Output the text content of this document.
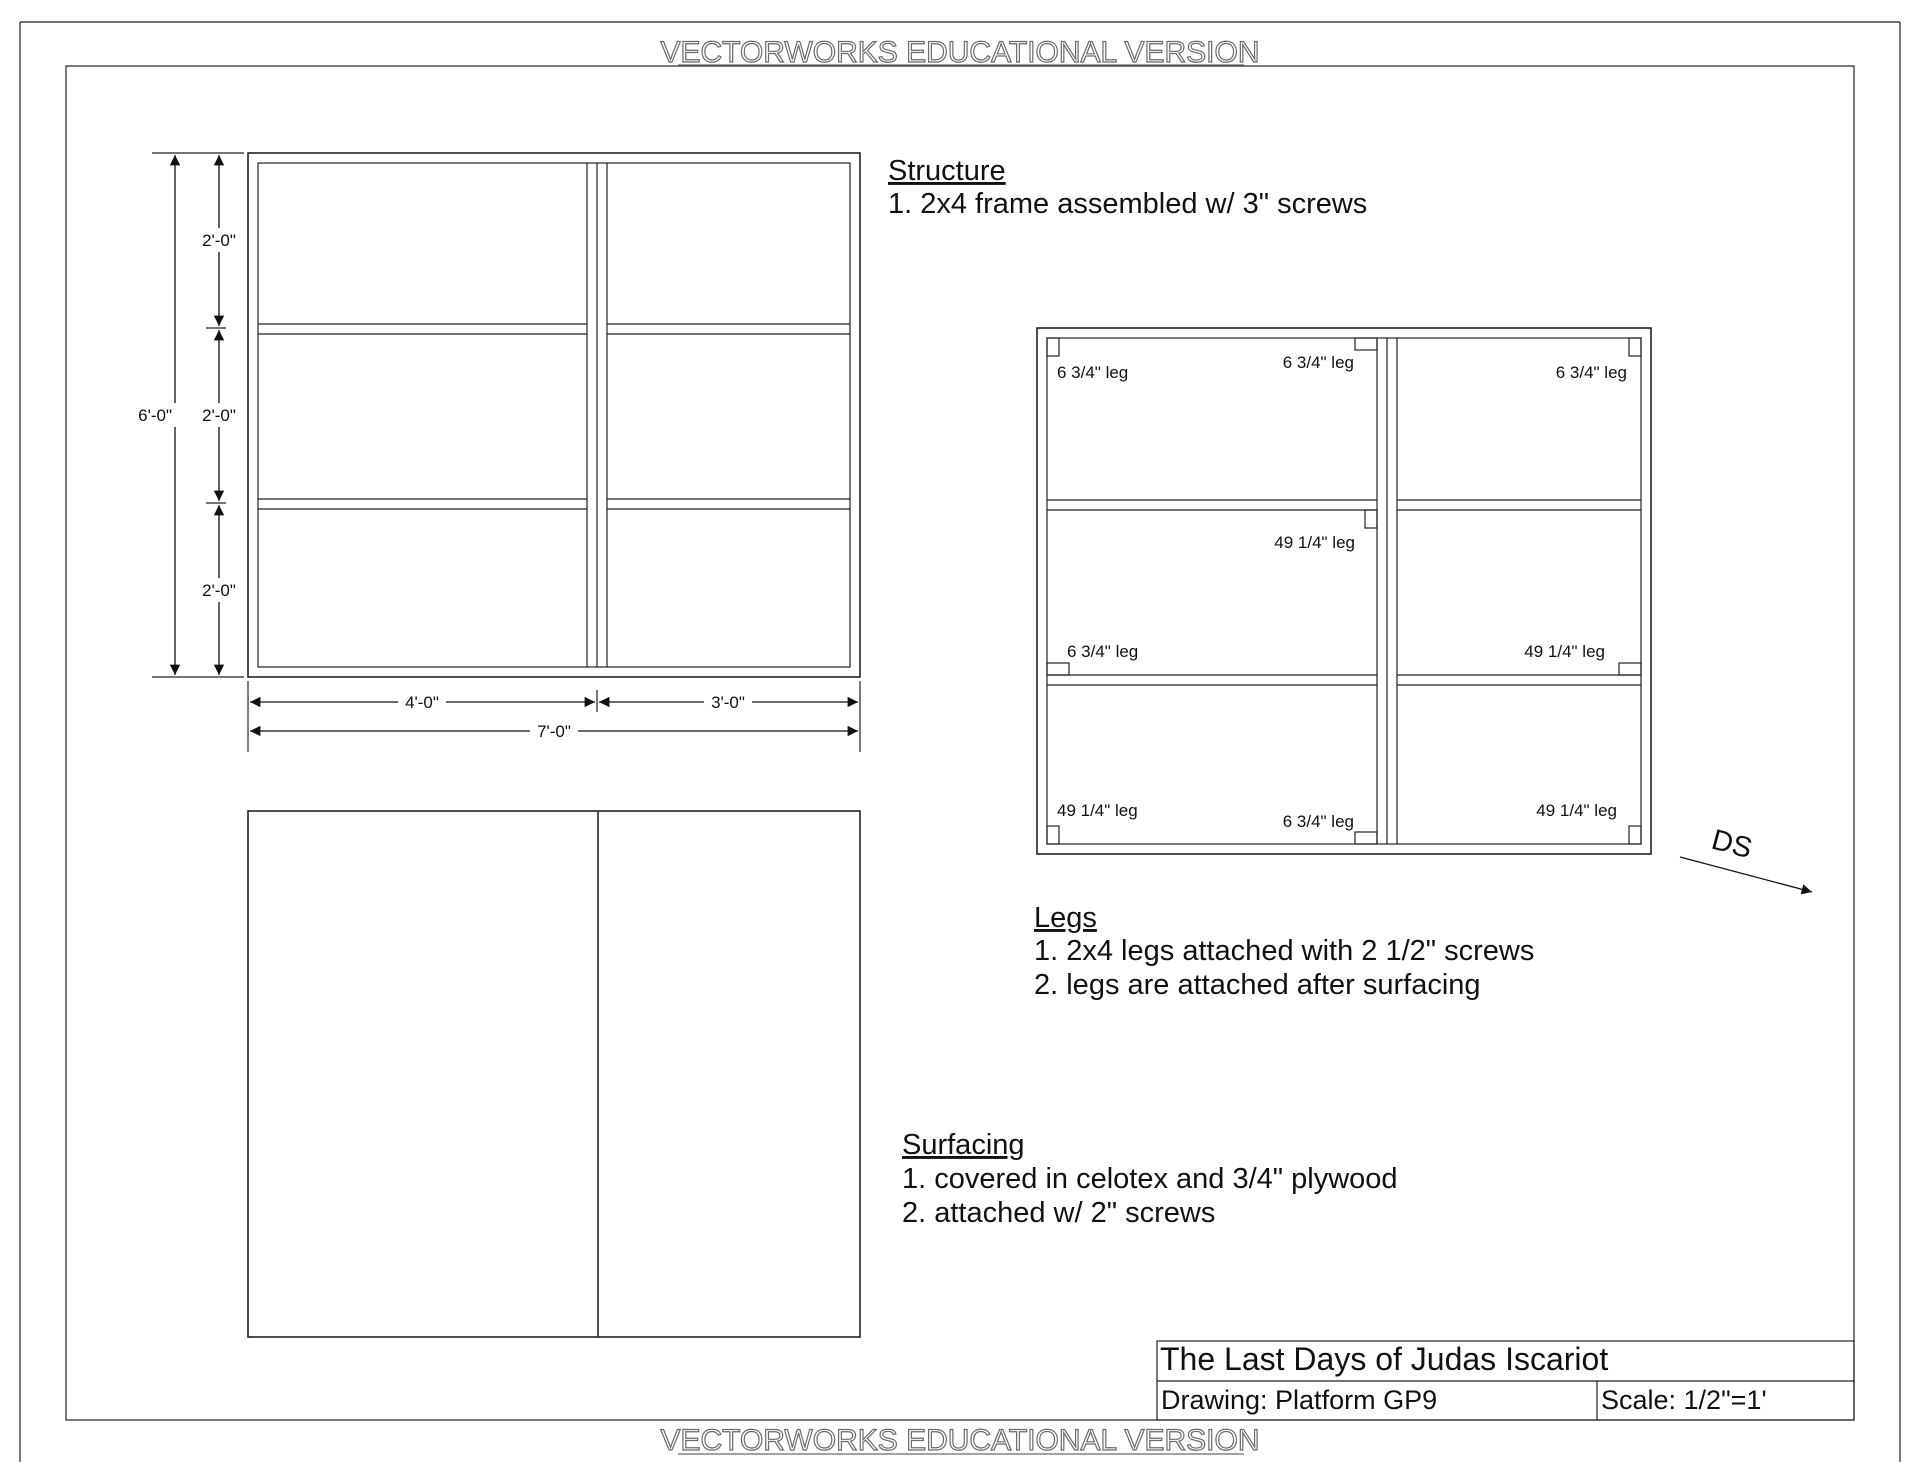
VECTORWORKS EDUCATIONAL VERSION
VECTORWORKS EDUCATIONAL VERSION
6'-0"
2'-0"
2'-0"
2'-0"
4'-0"	3'-0"
7'-0"
6 3/4" leg
6 3/4" leg
6 3/4" leg
49 1/4" leg
6 3/4" leg	49 1/4" leg
49 1/4" leg
6 3/4" leg
49 1/4" leg
DS
Structure
1. 2x4 frame assembled w/ 3" screws
Legs
1. 2x4 legs attached with 2 1/2" screws
2. legs are attached after surfacing
Surfacing
1. covered in celotex and 3/4" plywood
2. attached w/ 2" screws
The Last Days of Judas Iscariot
Drawing: Platform GP9	Scale: 1/2"=1'
